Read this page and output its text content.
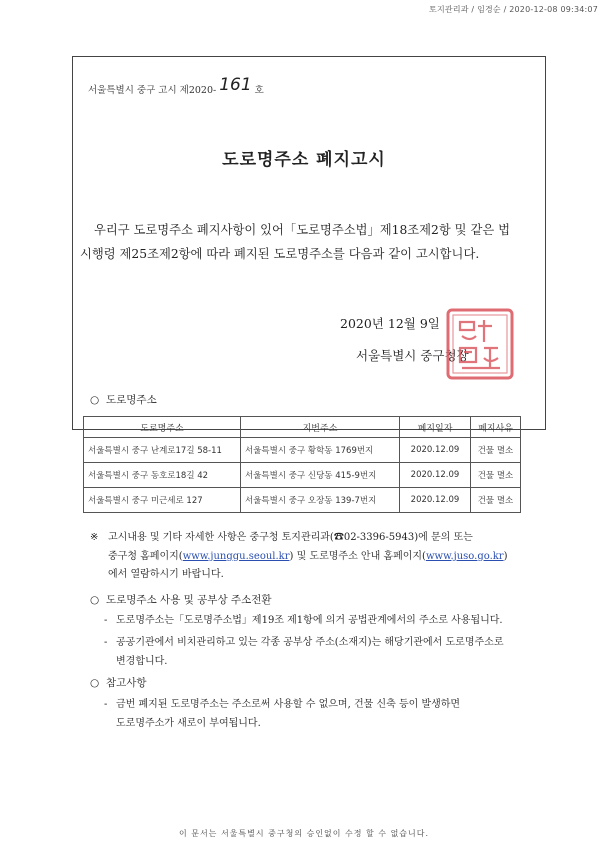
토지관리과 / 임경순 / 2020-12-08 09:34:07
서울특별시 중구 고시 제2020- 161 호
도로명주소 폐지고시
우리구 도로명주소 폐지사항이 있어「도로명주소법」제18조제2항 및 같은 법
시행령 제25조제2항에 따라 폐지된 도로명주소를 다음과 같이 고시합니다.
2020년 12월 9일
서울특별시 중구청장
○ 도로명주소
도로명주소	지번주소	폐지일자	폐지사유
서울특별시 중구 난계로17길 58-11	서울특별시 중구 황학동 1769번지	2020.12.09	건물 멸소
서울특별시 중구 동호로18길 42	서울특별시 중구 신당동 415-9번지	2020.12.09	건물 멸소
서울특별시 중구 미근세로 127	서울특별시 중구 오장동 139-7번지	2020.12.09	건물 멸소
※ 고시내용 및 기타 자세한 사항은 중구청 토지관리과(☎02-3396-5943)에 문의 또는
중구청 홈페이지(www.junggu.seoul.kr) 및 도로명주소 안내 홈페이지(www.juso.go.kr)
에서 열람하시기 바랍니다.
○ 도로명주소 사용 및 공부상 주소전환
- 도로명주소는「도로명주소법」제19조 제1항에 의거 공법관계에서의 주소로 사용됩니다.
- 공공기관에서 비치관리하고 있는 각종 공부상 주소(소재지)는 해당기관에서 도로명주소로
변경합니다.
○ 참고사항
- 금번 폐지된 도로명주소는 주소로써 사용할 수 없으며, 건물 신축 등이 발생하면
도로명주소가 새로이 부여됩니다.
이 문서는 서울특별시 중구청의 승인없이 수정 할 수 없습니다.
